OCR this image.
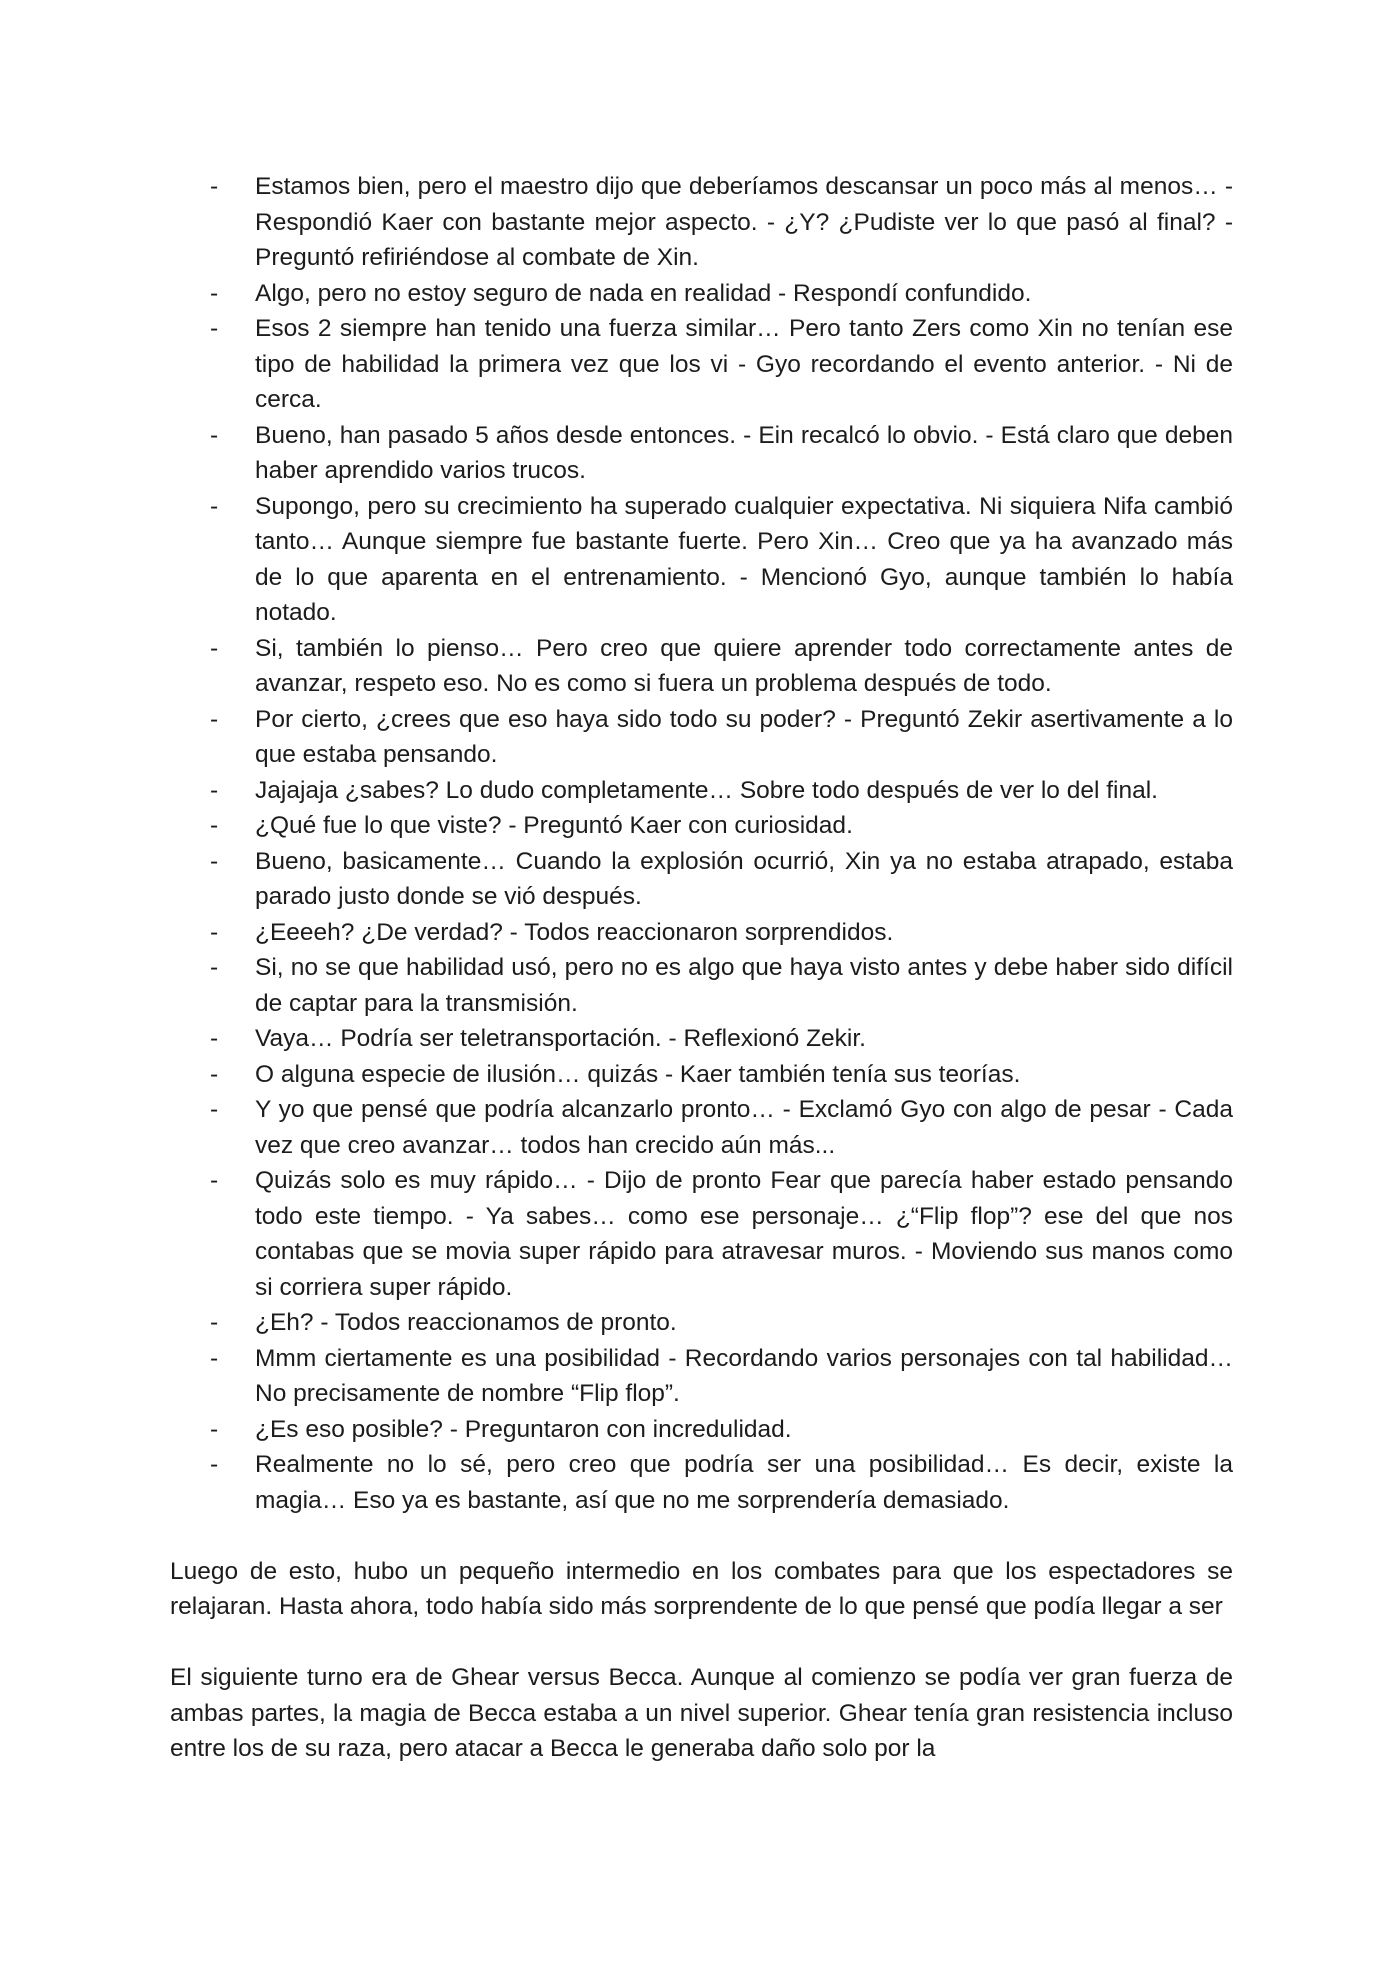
-	Estamos bien, pero el maestro dijo que deberíamos descansar un poco más al menos… - Respondió Kaer con bastante mejor aspecto. - ¿Y? ¿Pudiste ver lo que pasó al final? - Preguntó refiriéndose al combate de Xin.
-	Algo, pero no estoy seguro de nada en realidad - Respondí confundido.
-	Esos 2 siempre han tenido una fuerza similar… Pero tanto Zers como Xin no tenían ese tipo de habilidad la primera vez que los vi - Gyo recordando el evento anterior. - Ni de cerca.
-	Bueno, han pasado 5 años desde entonces. - Ein recalcó lo obvio. - Está claro que deben haber aprendido varios trucos.
-	Supongo, pero su crecimiento ha superado cualquier expectativa. Ni siquiera Nifa cambió tanto… Aunque siempre fue bastante fuerte. Pero Xin… Creo que ya ha avanzado más de lo que aparenta en el entrenamiento. - Mencionó Gyo, aunque también lo había notado.
-	Si, también lo pienso… Pero creo que quiere aprender todo correctamente antes de avanzar, respeto eso. No es como si fuera un problema después de todo.
-	Por cierto, ¿crees que eso haya sido todo su poder? - Preguntó Zekir asertivamente a lo que estaba pensando.
-	Jajajaja ¿sabes? Lo dudo completamente… Sobre todo después de ver lo del final.
-	¿Qué fue lo que viste? - Preguntó Kaer con curiosidad.
-	Bueno, basicamente… Cuando la explosión ocurrió, Xin ya no estaba atrapado, estaba parado justo donde se vió después.
-	¿Eeeeh? ¿De verdad? - Todos reaccionaron sorprendidos.
-	Si, no se que habilidad usó, pero no es algo que haya visto antes y debe haber sido difícil de captar para la transmisión.
-	Vaya… Podría ser teletransportación. - Reflexionó Zekir.
-	O alguna especie de ilusión… quizás - Kaer también tenía sus teorías.
-	Y yo que pensé que podría alcanzarlo pronto… - Exclamó Gyo con algo de pesar - Cada vez que creo avanzar… todos han crecido aún más...
-	Quizás solo es muy rápido… - Dijo de pronto Fear que parecía haber estado pensando todo este tiempo. - Ya sabes… como ese personaje… ¿“Flip flop”? ese del que nos contabas que se movia super rápido para atravesar muros. - Moviendo sus manos como si corriera super rápido.
-	¿Eh? - Todos reaccionamos de pronto.
-	Mmm ciertamente es una posibilidad - Recordando varios personajes con tal habilidad… No precisamente de nombre “Flip flop”.
-	¿Es eso posible? - Preguntaron con incredulidad.
-	Realmente no lo sé, pero creo que podría ser una posibilidad… Es decir, existe la magia… Eso ya es bastante, así que no me sorprendería demasiado.

Luego de esto, hubo un pequeño intermedio en los combates para que los espectadores se relajaran. Hasta ahora, todo había sido más sorprendente de lo que pensé que podía llegar a ser

El siguiente turno era de Ghear versus Becca. Aunque al comienzo se podía ver gran fuerza de ambas partes, la magia de Becca estaba a un nivel superior. Ghear tenía gran resistencia incluso entre los de su raza, pero atacar a Becca le generaba daño solo por la
